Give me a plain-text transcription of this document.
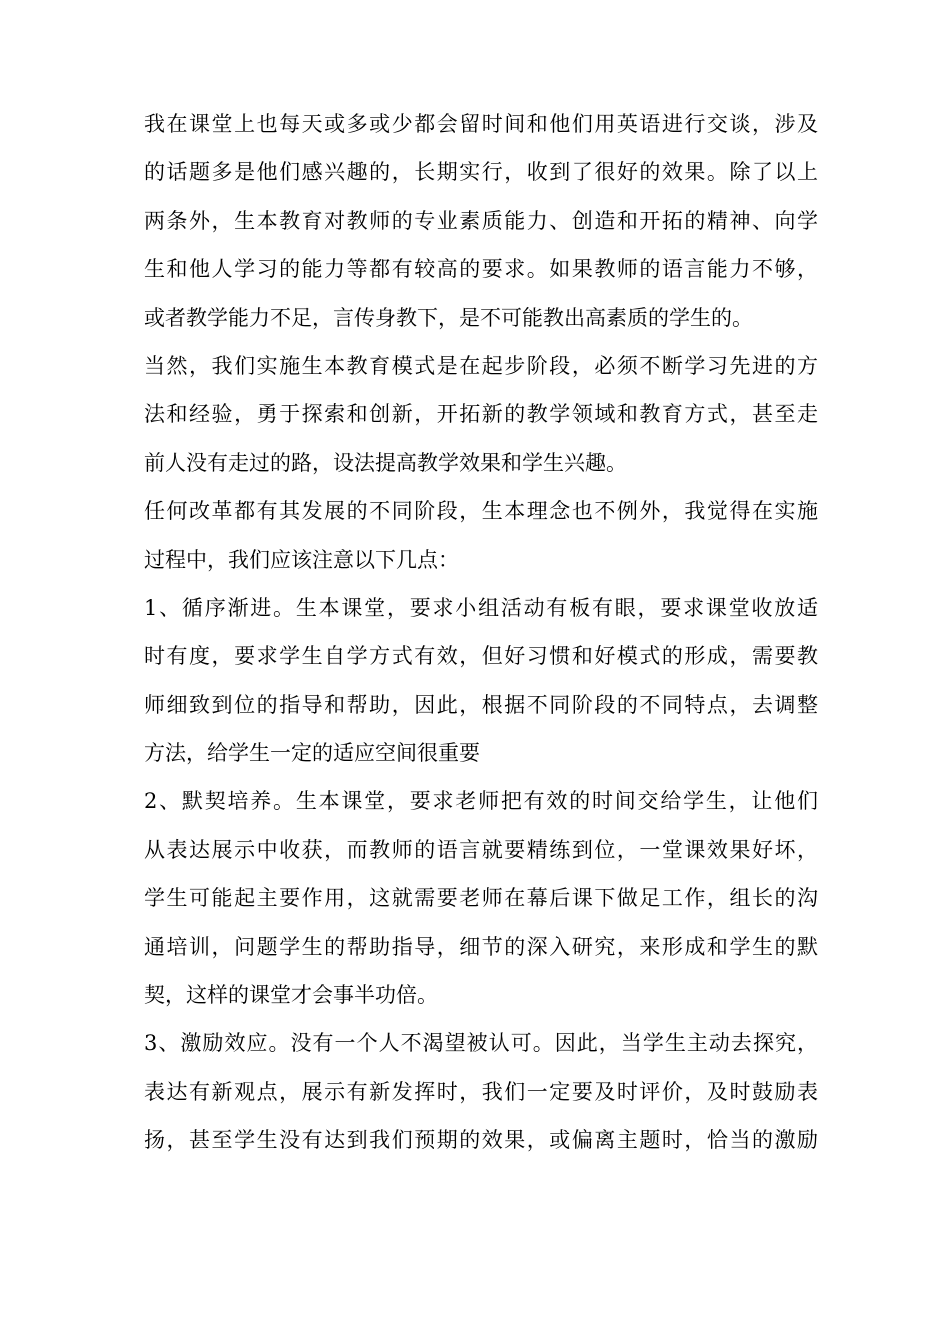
我在课堂上也每天或多或少都会留时间和他们用英语进行交谈，涉及
的话题多是他们感兴趣的，长期实行，收到了很好的效果。除了以上
两条外，生本教育对教师的专业素质能力、创造和开拓的精神、向学
生和他人学习的能力等都有较高的要求。如果教师的语言能力不够，
或者教学能力不足，言传身教下，是不可能教出高素质的学生的。
当然，我们实施生本教育模式是在起步阶段，必须不断学习先进的方
法和经验，勇于探索和创新，开拓新的教学领域和教育方式，甚至走
前人没有走过的路，设法提高教学效果和学生兴趣。
任何改革都有其发展的不同阶段，生本理念也不例外，我觉得在实施
过程中，我们应该注意以下几点：
1、循序渐进。生本课堂，要求小组活动有板有眼，要求课堂收放适
时有度，要求学生自学方式有效，但好习惯和好模式的形成，需要教
师细致到位的指导和帮助，因此，根据不同阶段的不同特点，去调整
方法，给学生一定的适应空间很重要
2、默契培养。生本课堂，要求老师把有效的时间交给学生，让他们
从表达展示中收获，而教师的语言就要精练到位，一堂课效果好坏，
学生可能起主要作用，这就需要老师在幕后课下做足工作，组长的沟
通培训，问题学生的帮助指导，细节的深入研究，来形成和学生的默
契，这样的课堂才会事半功倍。
3、激励效应。没有一个人不渴望被认可。因此，当学生主动去探究，
表达有新观点，展示有新发挥时，我们一定要及时评价，及时鼓励表
扬，甚至学生没有达到我们预期的效果，或偏离主题时，恰当的激励
